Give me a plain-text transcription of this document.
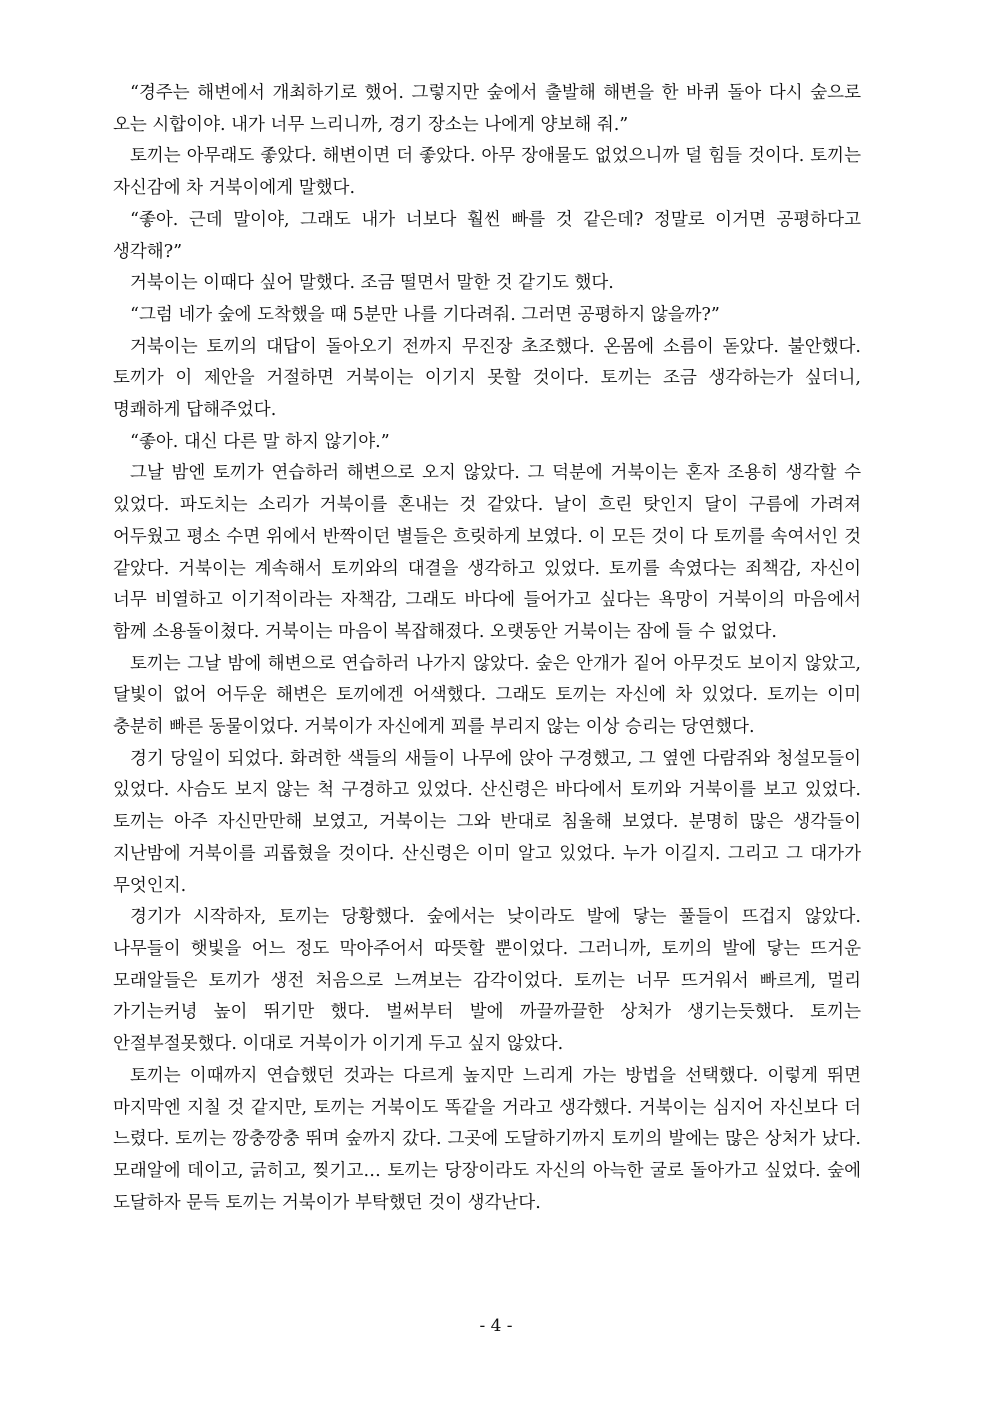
“경주는 해변에서 개최하기로 했어. 그렇지만 숲에서 출발해 해변을 한 바퀴 돌아 다시 숲으로 오는 시합이야. 내가 너무 느리니까, 경기 장소는 나에게 양보해 줘.”

토끼는 아무래도 좋았다. 해변이면 더 좋았다. 아무 장애물도 없었으니까 덜 힘들 것이다. 토끼는 자신감에 차 거북이에게 말했다.

“좋아. 근데 말이야, 그래도 내가 너보다 훨씬 빠를 것 같은데? 정말로 이거면 공평하다고 생각해?”

거북이는 이때다 싶어 말했다. 조금 떨면서 말한 것 같기도 했다.

“그럼 네가 숲에 도착했을 때 5분만 나를 기다려줘. 그러면 공평하지 않을까?”

거북이는 토끼의 대답이 돌아오기 전까지 무진장 초조했다. 온몸에 소름이 돋았다. 불안했다. 토끼가 이 제안을 거절하면 거북이는 이기지 못할 것이다. 토끼는 조금 생각하는가 싶더니, 명쾌하게 답해주었다.

“좋아. 대신 다른 말 하지 않기야.”

그날 밤엔 토끼가 연습하러 해변으로 오지 않았다. 그 덕분에 거북이는 혼자 조용히 생각할 수 있었다. 파도치는 소리가 거북이를 혼내는 것 같았다. 날이 흐린 탓인지 달이 구름에 가려져 어두웠고 평소 수면 위에서 반짝이던 별들은 흐릿하게 보였다. 이 모든 것이 다 토끼를 속여서인 것 같았다. 거북이는 계속해서 토끼와의 대결을 생각하고 있었다. 토끼를 속였다는 죄책감, 자신이 너무 비열하고 이기적이라는 자책감, 그래도 바다에 들어가고 싶다는 욕망이 거북이의 마음에서 함께 소용돌이쳤다. 거북이는 마음이 복잡해졌다. 오랫동안 거북이는 잠에 들 수 없었다.

토끼는 그날 밤에 해변으로 연습하러 나가지 않았다. 숲은 안개가 짙어 아무것도 보이지 않았고, 달빛이 없어 어두운 해변은 토끼에겐 어색했다. 그래도 토끼는 자신에 차 있었다. 토끼는 이미 충분히 빠른 동물이었다. 거북이가 자신에게 꾀를 부리지 않는 이상 승리는 당연했다.

경기 당일이 되었다. 화려한 색들의 새들이 나무에 앉아 구경했고, 그 옆엔 다람쥐와 청설모들이 있었다. 사슴도 보지 않는 척 구경하고 있었다. 산신령은 바다에서 토끼와 거북이를 보고 있었다. 토끼는 아주 자신만만해 보였고, 거북이는 그와 반대로 침울해 보였다. 분명히 많은 생각들이 지난밤에 거북이를 괴롭혔을 것이다. 산신령은 이미 알고 있었다. 누가 이길지. 그리고 그 대가가 무엇인지.

경기가 시작하자, 토끼는 당황했다. 숲에서는 낮이라도 발에 닿는 풀들이 뜨겁지 않았다. 나무들이 햇빛을 어느 정도 막아주어서 따뜻할 뿐이었다. 그러니까, 토끼의 발에 닿는 뜨거운 모래알들은 토끼가 생전 처음으로 느껴보는 감각이었다. 토끼는 너무 뜨거워서 빠르게, 멀리 가기는커녕 높이 뛰기만 했다. 벌써부터 발에 까끌까끌한 상처가 생기는듯했다. 토끼는 안절부절못했다. 이대로 거북이가 이기게 두고 싶지 않았다.

토끼는 이때까지 연습했던 것과는 다르게 높지만 느리게 가는 방법을 선택했다. 이렇게 뛰면 마지막엔 지칠 것 같지만, 토끼는 거북이도 똑같을 거라고 생각했다. 거북이는 심지어 자신보다 더 느렸다. 토끼는 깡충깡충 뛰며 숲까지 갔다. 그곳에 도달하기까지 토끼의 발에는 많은 상처가 났다. 모래알에 데이고, 긁히고, 찢기고… 토끼는 당장이라도 자신의 아늑한 굴로 돌아가고 싶었다. 숲에 도달하자 문득 토끼는 거북이가 부탁했던 것이 생각난다.

- 4 -
